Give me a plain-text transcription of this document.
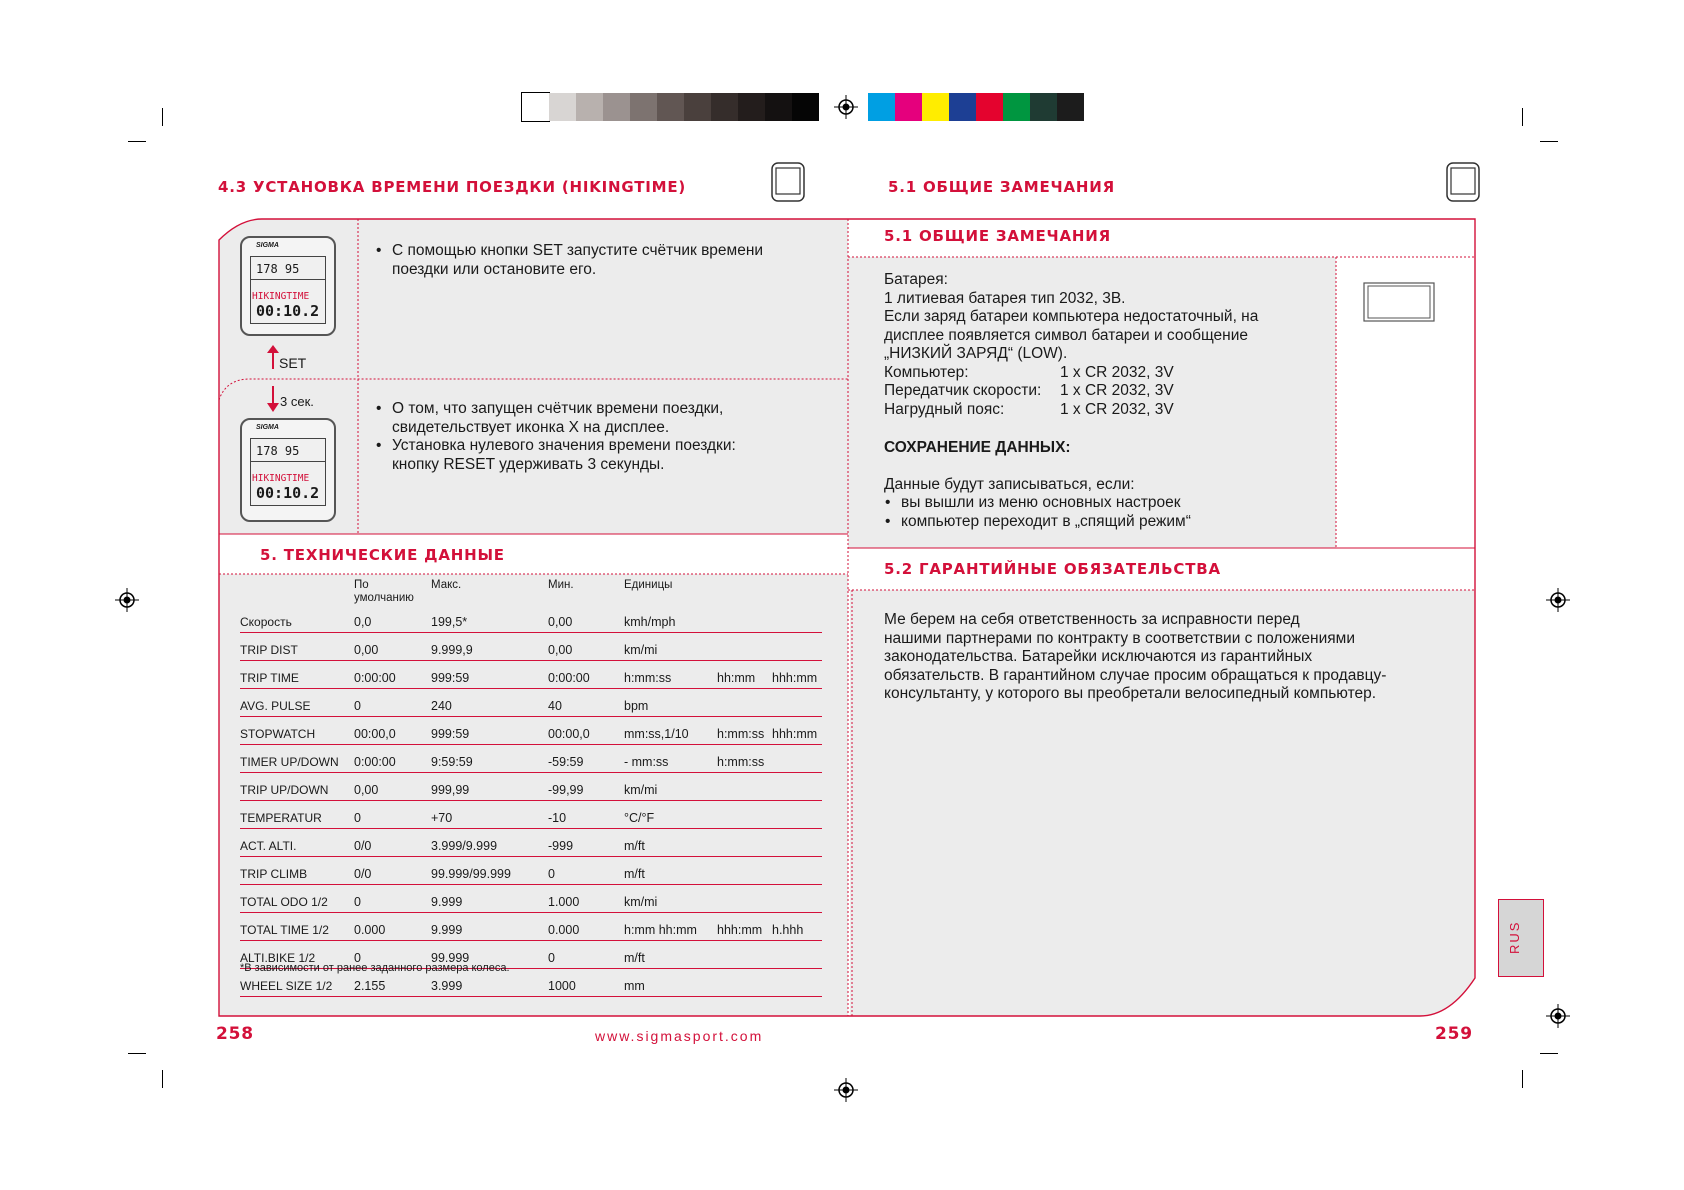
4.3 УСТАНОВКА ВРЕМЕНИ ПОЕЗДКИ (HIKINGTIME)	5.1 ОБЩИЕ ЗАМЕЧАНИЯ
SIGMA
178 95
HIKINGTIME
00:10.2
SET
• С помощью кнопки SET запустите счётчик времени поездки или остановите его.
3 сек.
SIGMA
178 95
HIKINGTIME
00:10.2
• О том, что запущен счётчик времени поездки, свидетельствует иконка X на дисплее.
• Установка нулевого значения времени поездки: кнопку RESET удерживать 3 секунды.
5. ТЕХНИЧЕСКИЕ ДАННЫЕ
	По умолчанию	Макс.	Мин.	Единицы		
Скорость	0,0	199,5*	0,00	kmh/mph		
TRIP DIST	0,00	9.999,9	0,00	km/mi		
TRIP TIME	0:00:00	999:59	0:00:00	h:mm:ss	hh:mm	hhh:mm
AVG. PULSE	0	240	40	bpm		
STOPWATCH	00:00,0	999:59	00:00,0	mm:ss,1/10	h:mm:ss	hhh:mm
TIMER UP/DOWN	0:00:00	9:59:59	-59:59	- mm:ss	h:mm:ss	
TRIP UP/DOWN	0,00	999,99	-99,99	km/mi		
TEMPERATUR	0	+70	-10	°C/°F		
ACT. ALTI.	0/0	3.999/9.999	-999	m/ft		
TRIP CLIMB	0/0	99.999/99.999	0	m/ft		
TOTAL ODO 1/2	0	9.999	1.000	km/mi		
TOTAL TIME 1/2	0.000	9.999	0.000	h:mm hh:mm	hhh:mm	h.hhh
ALTI.BIKE 1/2	0	99.999	0	m/ft		
WHEEL SIZE 1/2	2.155	3.999	1000	mm		
*В зависимости от ранее заданного размера колеса.
5.1 ОБЩИЕ ЗАМЕЧАНИЯ
Батарея:
1 литиевая батарея тип 2032, 3В.
Если заряд батареи компьютера недостаточный, на
дисплее появляется символ батареи и сообщение
„НИЗКИЙ ЗАРЯД“ (LOW).
Компьютер:	1 x CR 2032, 3V
Передатчик скорости: 1 x CR 2032, 3V
Нагрудный пояс:	1 x CR 2032, 3V
СОХРАНЕНИЕ ДАННЫХ:
Данные будут записываться, если:
• вы вышли из меню основных настроек
• компьютер переходит в „спящий режим“
5.2 ГАРАНТИЙНЫЕ ОБЯЗАТЕЛЬСТВА
Ме берем на себя ответственность за исправности перед
нашими партнерами по контракту в соответствии с положениями
законодательства. Батарейки исключаются из гарантийных
обязательств. В гарантийном случае просим обращаться к продавцу-
консультанту, у которого вы преобретали велосипедный компьютер.
RUS
258	www.sigmasport.com	259
